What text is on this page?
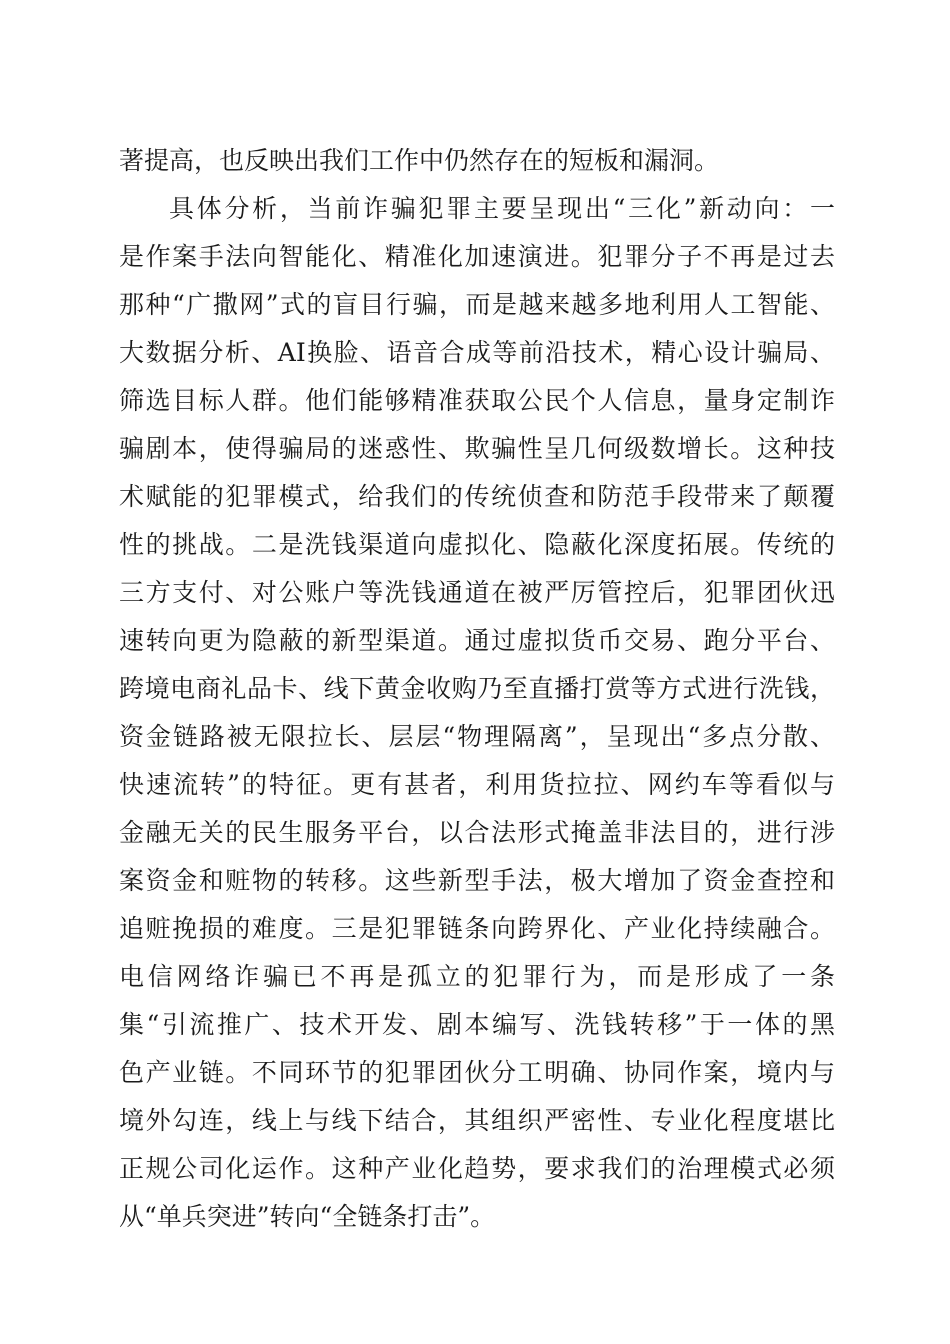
著提高，也反映出我们工作中仍然存在的短板和漏洞。
具体分析，当前诈骗犯罪主要呈现出“三化”新动向：一
是作案手法向智能化、精准化加速演进。犯罪分子不再是过去
那种“广撒网”式的盲目行骗，而是越来越多地利用人工智能、
大数据分析、AI换脸、语音合成等前沿技术，精心设计骗局、
筛选目标人群。他们能够精准获取公民个人信息，量身定制诈
骗剧本，使得骗局的迷惑性、欺骗性呈几何级数增长。这种技
术赋能的犯罪模式，给我们的传统侦查和防范手段带来了颠覆
性的挑战。二是洗钱渠道向虚拟化、隐蔽化深度拓展。传统的
三方支付、对公账户等洗钱通道在被严厉管控后，犯罪团伙迅
速转向更为隐蔽的新型渠道。通过虚拟货币交易、跑分平台、
跨境电商礼品卡、线下黄金收购乃至直播打赏等方式进行洗钱，
资金链路被无限拉长、层层“物理隔离”，呈现出“多点分散、
快速流转”的特征。更有甚者，利用货拉拉、网约车等看似与
金融无关的民生服务平台，以合法形式掩盖非法目的，进行涉
案资金和赃物的转移。这些新型手法，极大增加了资金查控和
追赃挽损的难度。三是犯罪链条向跨界化、产业化持续融合。
电信网络诈骗已不再是孤立的犯罪行为，而是形成了一条
集“引流推广、技术开发、剧本编写、洗钱转移”于一体的黑
色产业链。不同环节的犯罪团伙分工明确、协同作案，境内与
境外勾连，线上与线下结合，其组织严密性、专业化程度堪比
正规公司化运作。这种产业化趋势，要求我们的治理模式必须
从“单兵突进”转向“全链条打击”。
